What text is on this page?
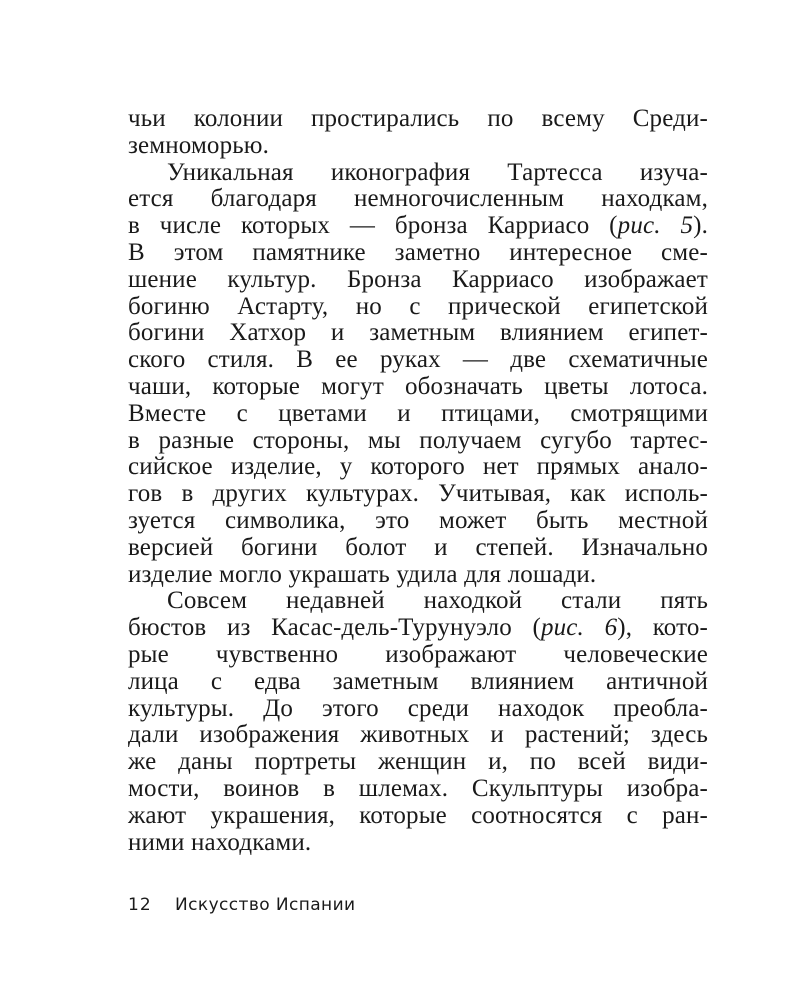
чьи колонии простирались по всему Среди-
земноморью.
Уникальная иконография Тартесса изуча-
ется благодаря немногочисленным находкам,
в числе которых — бронза Карриасо (рис. 5).
В этом памятнике заметно интересное сме-
шение культур. Бронза Карриасо изображает
богиню Астарту, но с прической египетской
богини Хатхор и заметным влиянием египет-
ского стиля. В ее руках — две схематичные
чаши, которые могут обозначать цветы лотоса.
Вместе с цветами и птицами, смотрящими
в разные стороны, мы получаем сугубо тартес-
сийское изделие, у которого нет прямых анало-
гов в других культурах. Учитывая, как исполь-
зуется символика, это может быть местной
версией богини болот и степей. Изначально
изделие могло украшать удила для лошади.
Совсем недавней находкой стали пять
бюстов из Касас-дель-Турунуэло (рис. 6), кото-
рые чувственно изображают человеческие
лица с едва заметным влиянием античной
культуры. До этого среди находок преобла-
дали изображения животных и растений; здесь
же даны портреты женщин и, по всей види-
мости, воинов в шлемах. Скульптуры изобра-
жают украшения, которые соотносятся с ран-
ними находками.
12 Искусство Испании
